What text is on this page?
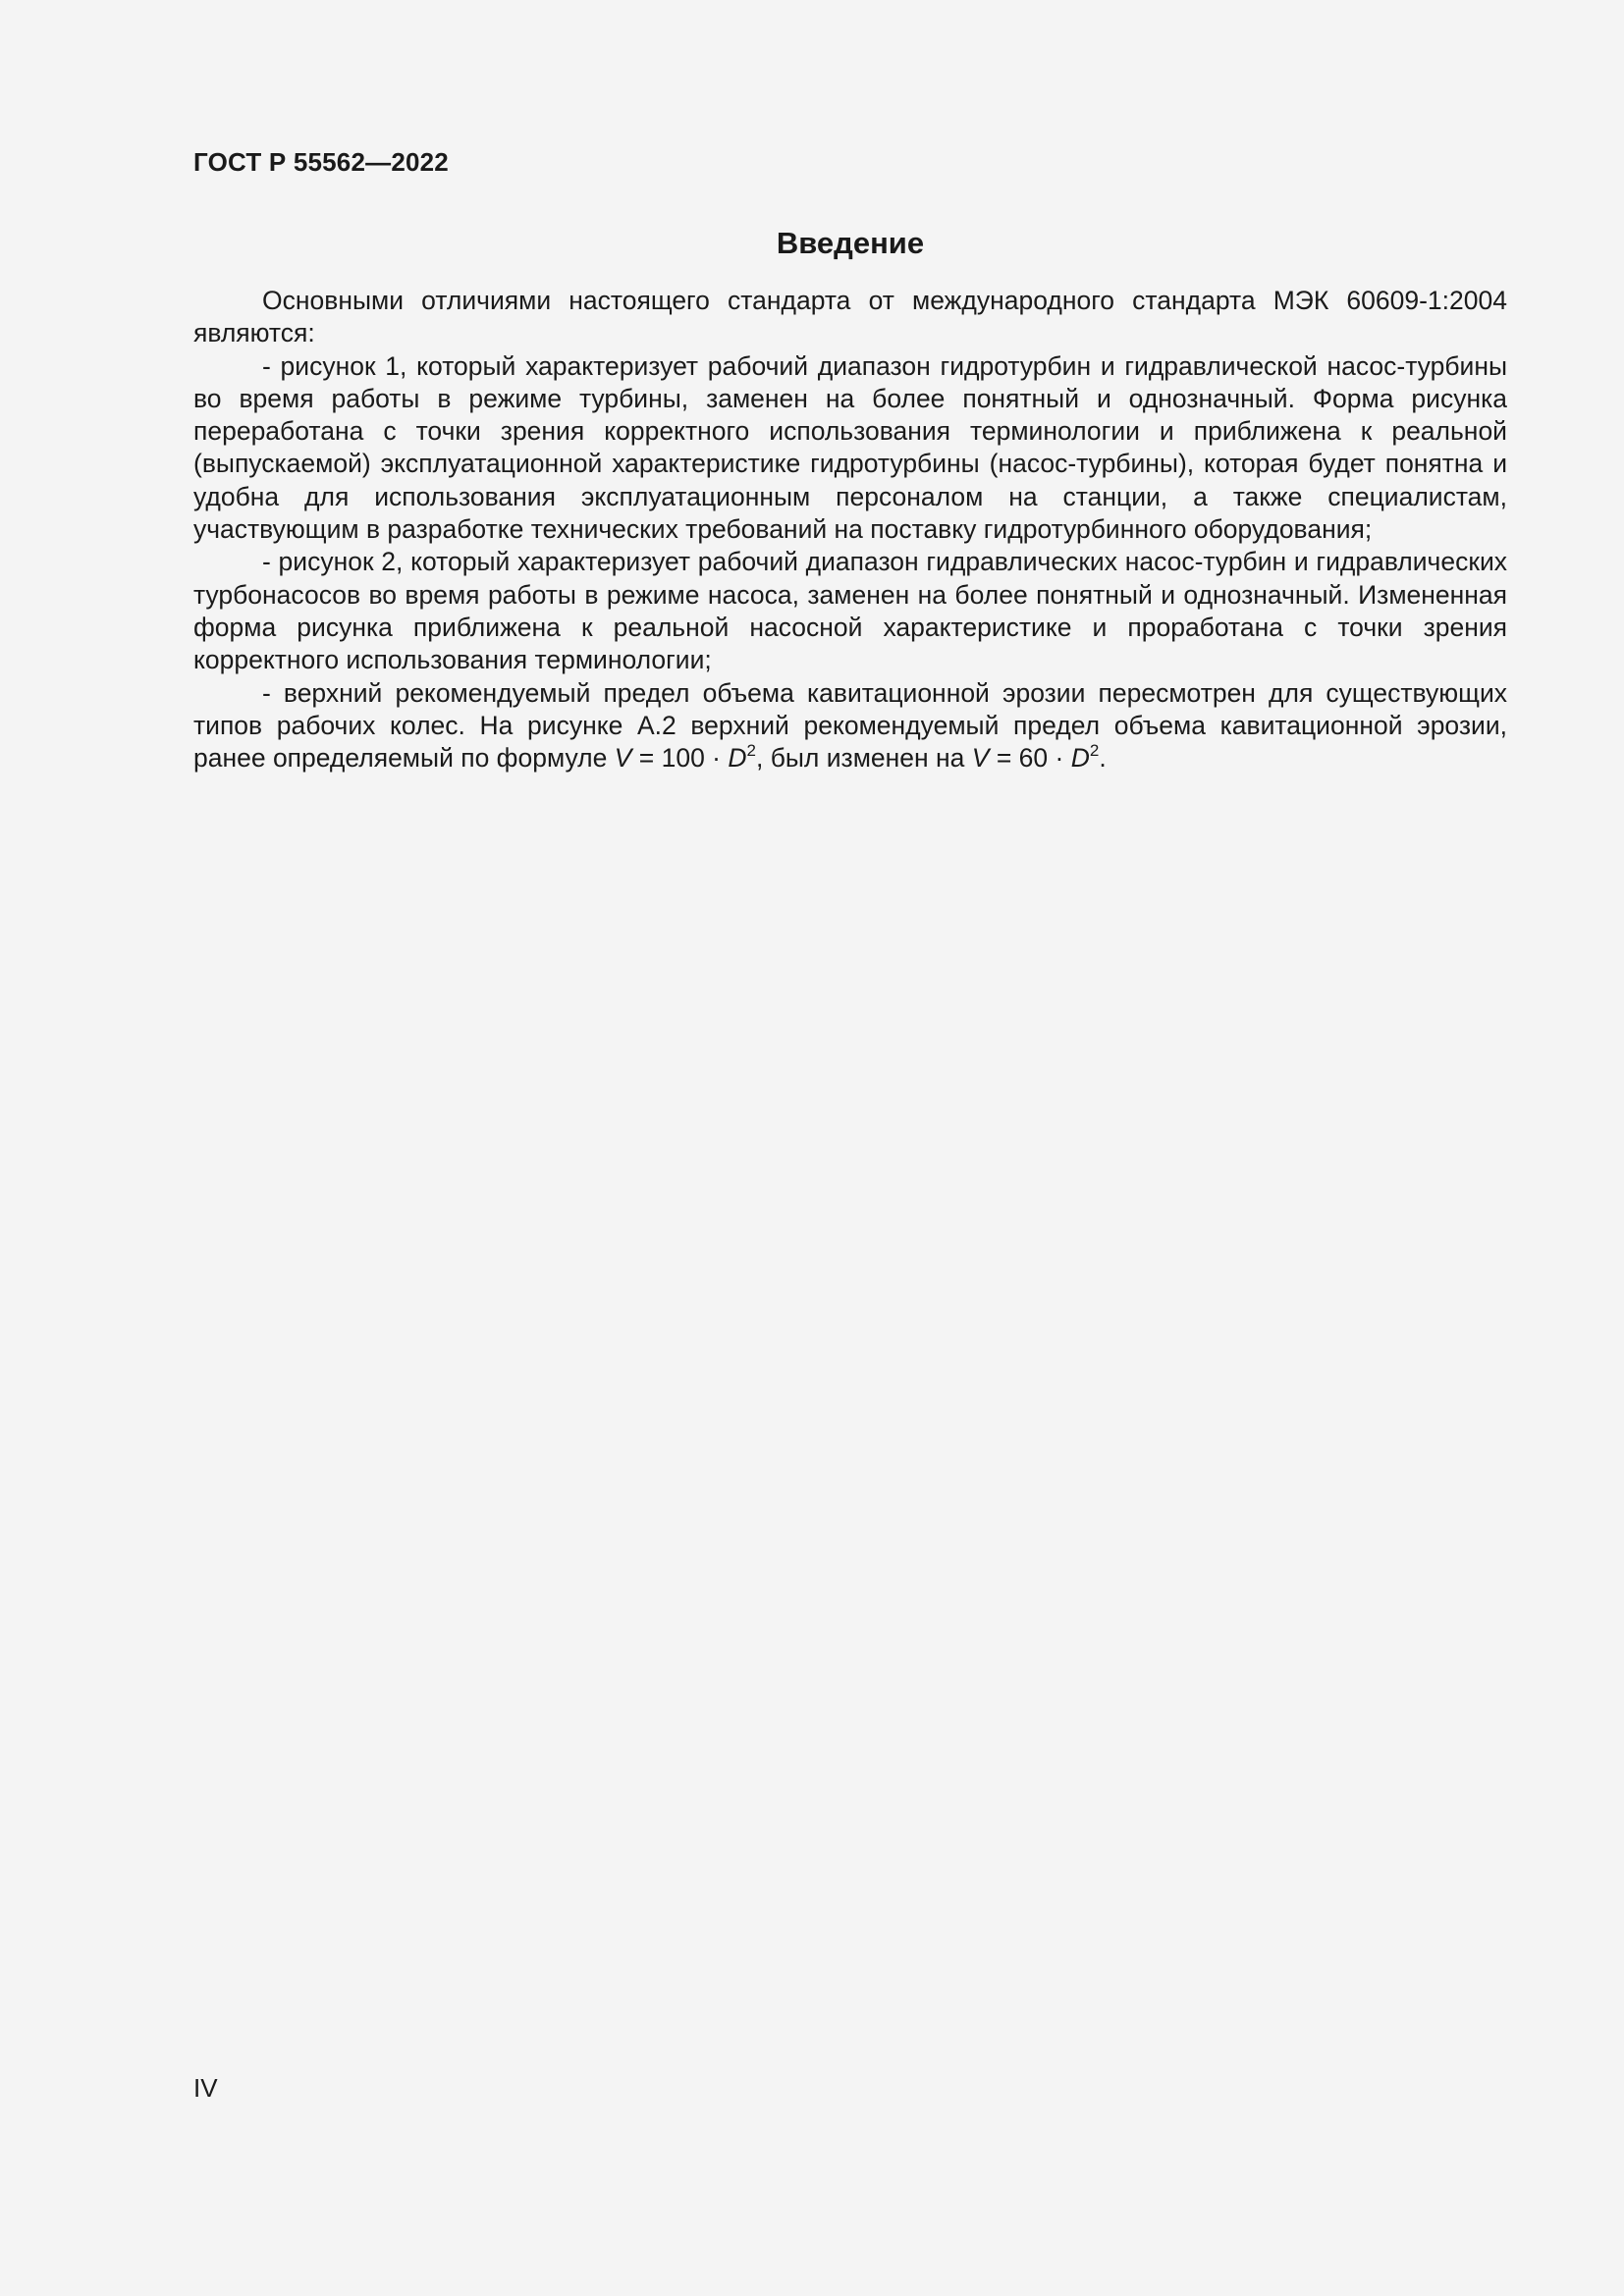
ГОСТ Р 55562—2022
Введение

Основными отличиями настоящего стандарта от международного стандарта МЭК 60609-1:2004 являются:

- рисунок 1, который характеризует рабочий диапазон гидротурбин и гидравлической насос-турбины во время работы в режиме турбины, заменен на более понятный и однозначный. Форма рисунка переработана с точки зрения корректного использования терминологии и приближена к реальной (выпускаемой) эксплуатационной характеристике гидротурбины (насос-турбины), которая будет понятна и удобна для использования эксплуатационным персоналом на станции, а также специалистам, участвующим в разработке технических требований на поставку гидротурбинного оборудования;

- рисунок 2, который характеризует рабочий диапазон гидравлических насос-турбин и гидравлических турбонасосов во время работы в режиме насоса, заменен на более понятный и однозначный. Измененная форма рисунка приближена к реальной насосной характеристике и проработана с точки зрения корректного использования терминологии;

- верхний рекомендуемый предел объема кавитационной эрозии пересмотрен для существующих типов рабочих колес. На рисунке А.2 верхний рекомендуемый предел объема кавитационной эрозии, ранее определяемый по формуле $V = 100 \cdot D^2$, был изменен на $V = 60 \cdot D^2$.

IV
